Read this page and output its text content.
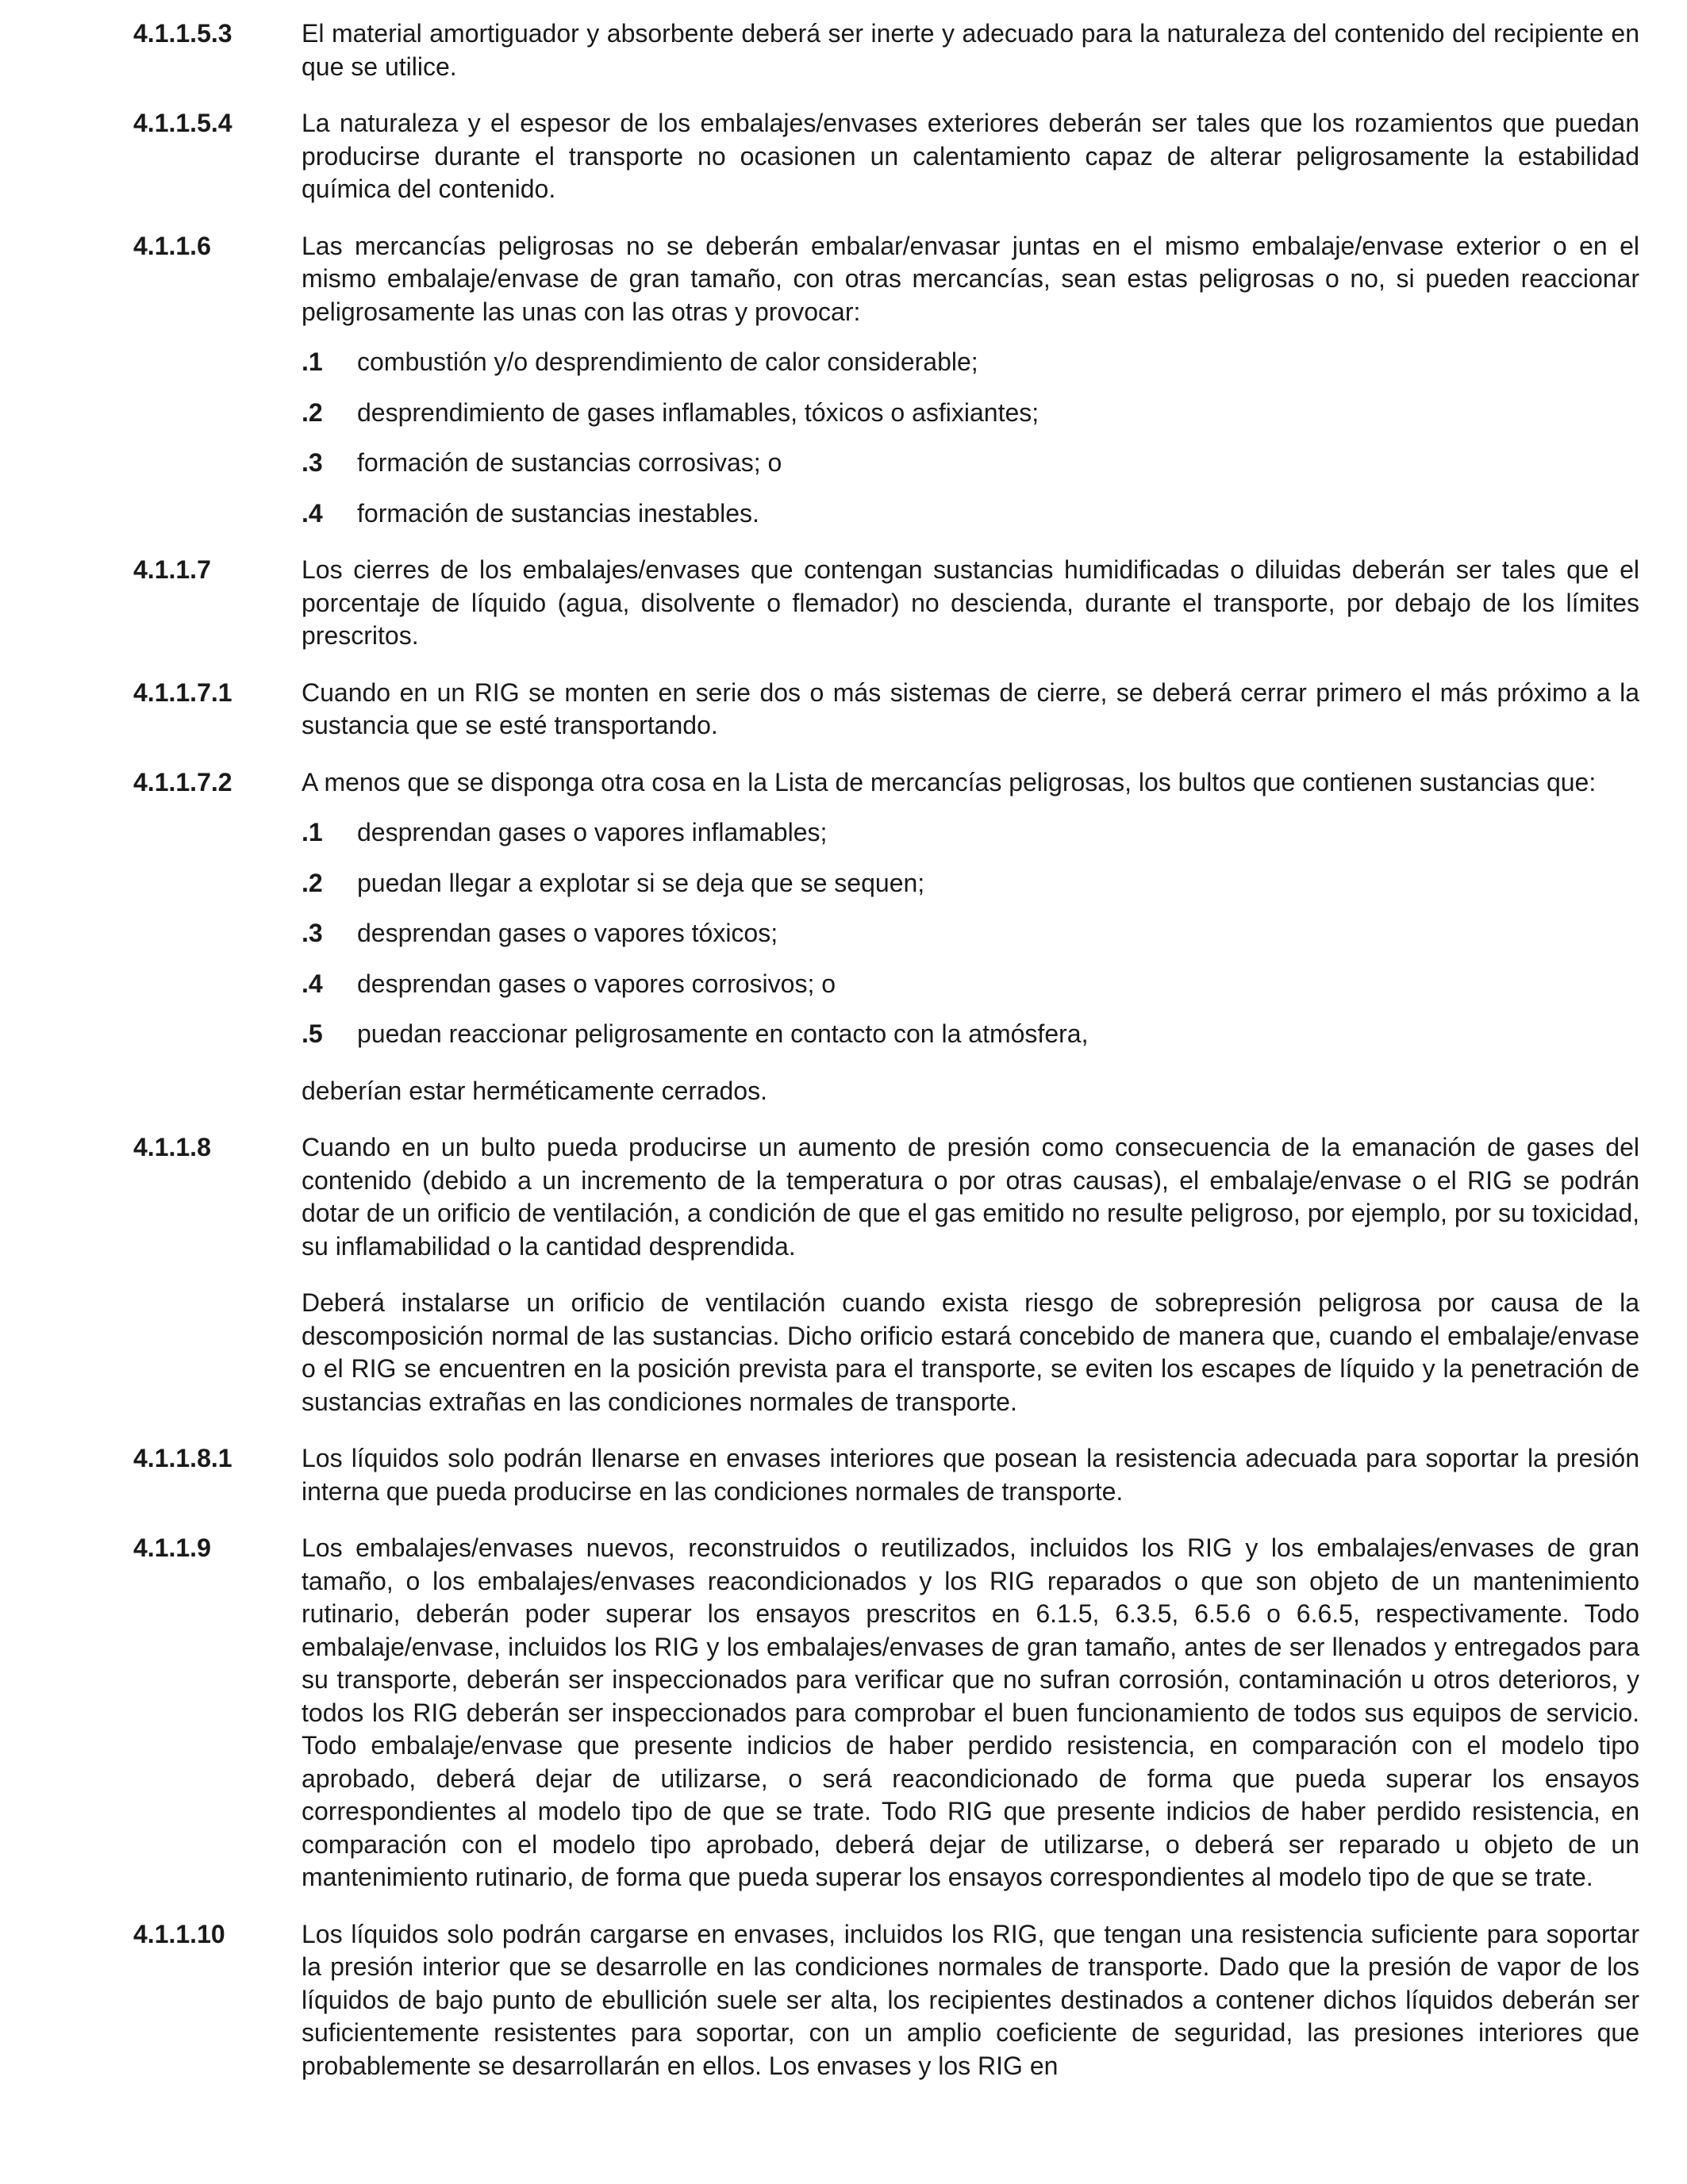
4.1.1.5.3	El material amortiguador y absorbente deberá ser inerte y adecuado para la naturaleza del contenido del recipiente en que se utilice.
4.1.1.5.4	La naturaleza y el espesor de los embalajes/envases exteriores deberán ser tales que los rozamientos que puedan producirse durante el transporte no ocasionen un calentamiento capaz de alterar peligrosamente la estabilidad química del contenido.
4.1.1.6	Las mercancías peligrosas no se deberán embalar/envasar juntas en el mismo embalaje/envase exterior o en el mismo embalaje/envase de gran tamaño, con otras mercancías, sean estas peligrosas o no, si pueden reaccionar peligrosamente las unas con las otras y provocar:
.1	combustión y/o desprendimiento de calor considerable;
.2	desprendimiento de gases inflamables, tóxicos o asfixiantes;
.3	formación de sustancias corrosivas; o
.4	formación de sustancias inestables.
4.1.1.7	Los cierres de los embalajes/envases que contengan sustancias humidificadas o diluidas deberán ser tales que el porcentaje de líquido (agua, disolvente o flemador) no descienda, durante el transporte, por debajo de los límites prescritos.
4.1.1.7.1	Cuando en un RIG se monten en serie dos o más sistemas de cierre, se deberá cerrar primero el más próximo a la sustancia que se esté transportando.
4.1.1.7.2	A menos que se disponga otra cosa en la Lista de mercancías peligrosas, los bultos que contienen sustancias que:
.1	desprendan gases o vapores inflamables;
.2	puedan llegar a explotar si se deja que se sequen;
.3	desprendan gases o vapores tóxicos;
.4	desprendan gases o vapores corrosivos; o
.5	puedan reaccionar peligrosamente en contacto con la atmósfera,
deberían estar herméticamente cerrados.
4.1.1.8	Cuando en un bulto pueda producirse un aumento de presión como consecuencia de la emanación de gases del contenido (debido a un incremento de la temperatura o por otras causas), el embalaje/envase o el RIG se podrán dotar de un orificio de ventilación, a condición de que el gas emitido no resulte peligroso, por ejemplo, por su toxicidad, su inflamabilidad o la cantidad desprendida.
Deberá instalarse un orificio de ventilación cuando exista riesgo de sobrepresión peligrosa por causa de la descomposición normal de las sustancias. Dicho orificio estará concebido de manera que, cuando el embalaje/envase o el RIG se encuentren en la posición prevista para el transporte, se eviten los escapes de líquido y la penetración de sustancias extrañas en las condiciones normales de transporte.
4.1.1.8.1	Los líquidos solo podrán llenarse en envases interiores que posean la resistencia adecuada para soportar la presión interna que pueda producirse en las condiciones normales de transporte.
4.1.1.9	Los embalajes/envases nuevos, reconstruidos o reutilizados, incluidos los RIG y los embalajes/envases de gran tamaño, o los embalajes/envases reacondicionados y los RIG reparados o que son objeto de un mantenimiento rutinario, deberán poder superar los ensayos prescritos en 6.1.5, 6.3.5, 6.5.6 o 6.6.5, respectivamente. Todo embalaje/envase, incluidos los RIG y los embalajes/envases de gran tamaño, antes de ser llenados y entregados para su transporte, deberán ser inspeccionados para verificar que no sufran corrosión, contaminación u otros deterioros, y todos los RIG deberán ser inspeccionados para comprobar el buen funcionamiento de todos sus equipos de servicio. Todo embalaje/envase que presente indicios de haber perdido resistencia, en comparación con el modelo tipo aprobado, deberá dejar de utilizarse, o será reacondicionado de forma que pueda superar los ensayos correspondientes al modelo tipo de que se trate. Todo RIG que presente indicios de haber perdido resistencia, en comparación con el modelo tipo aprobado, deberá dejar de utilizarse, o deberá ser reparado u objeto de un mantenimiento rutinario, de forma que pueda superar los ensayos correspondientes al modelo tipo de que se trate.
4.1.1.10	Los líquidos solo podrán cargarse en envases, incluidos los RIG, que tengan una resistencia suficiente para soportar la presión interior que se desarrolle en las condiciones normales de transporte. Dado que la presión de vapor de los líquidos de bajo punto de ebullición suele ser alta, los recipientes destinados a contener dichos líquidos deberán ser suficientemente resistentes para soportar, con un amplio coeficiente de seguridad, las presiones interiores que probablemente se desarrollarán en ellos. Los envases y los RIG en
